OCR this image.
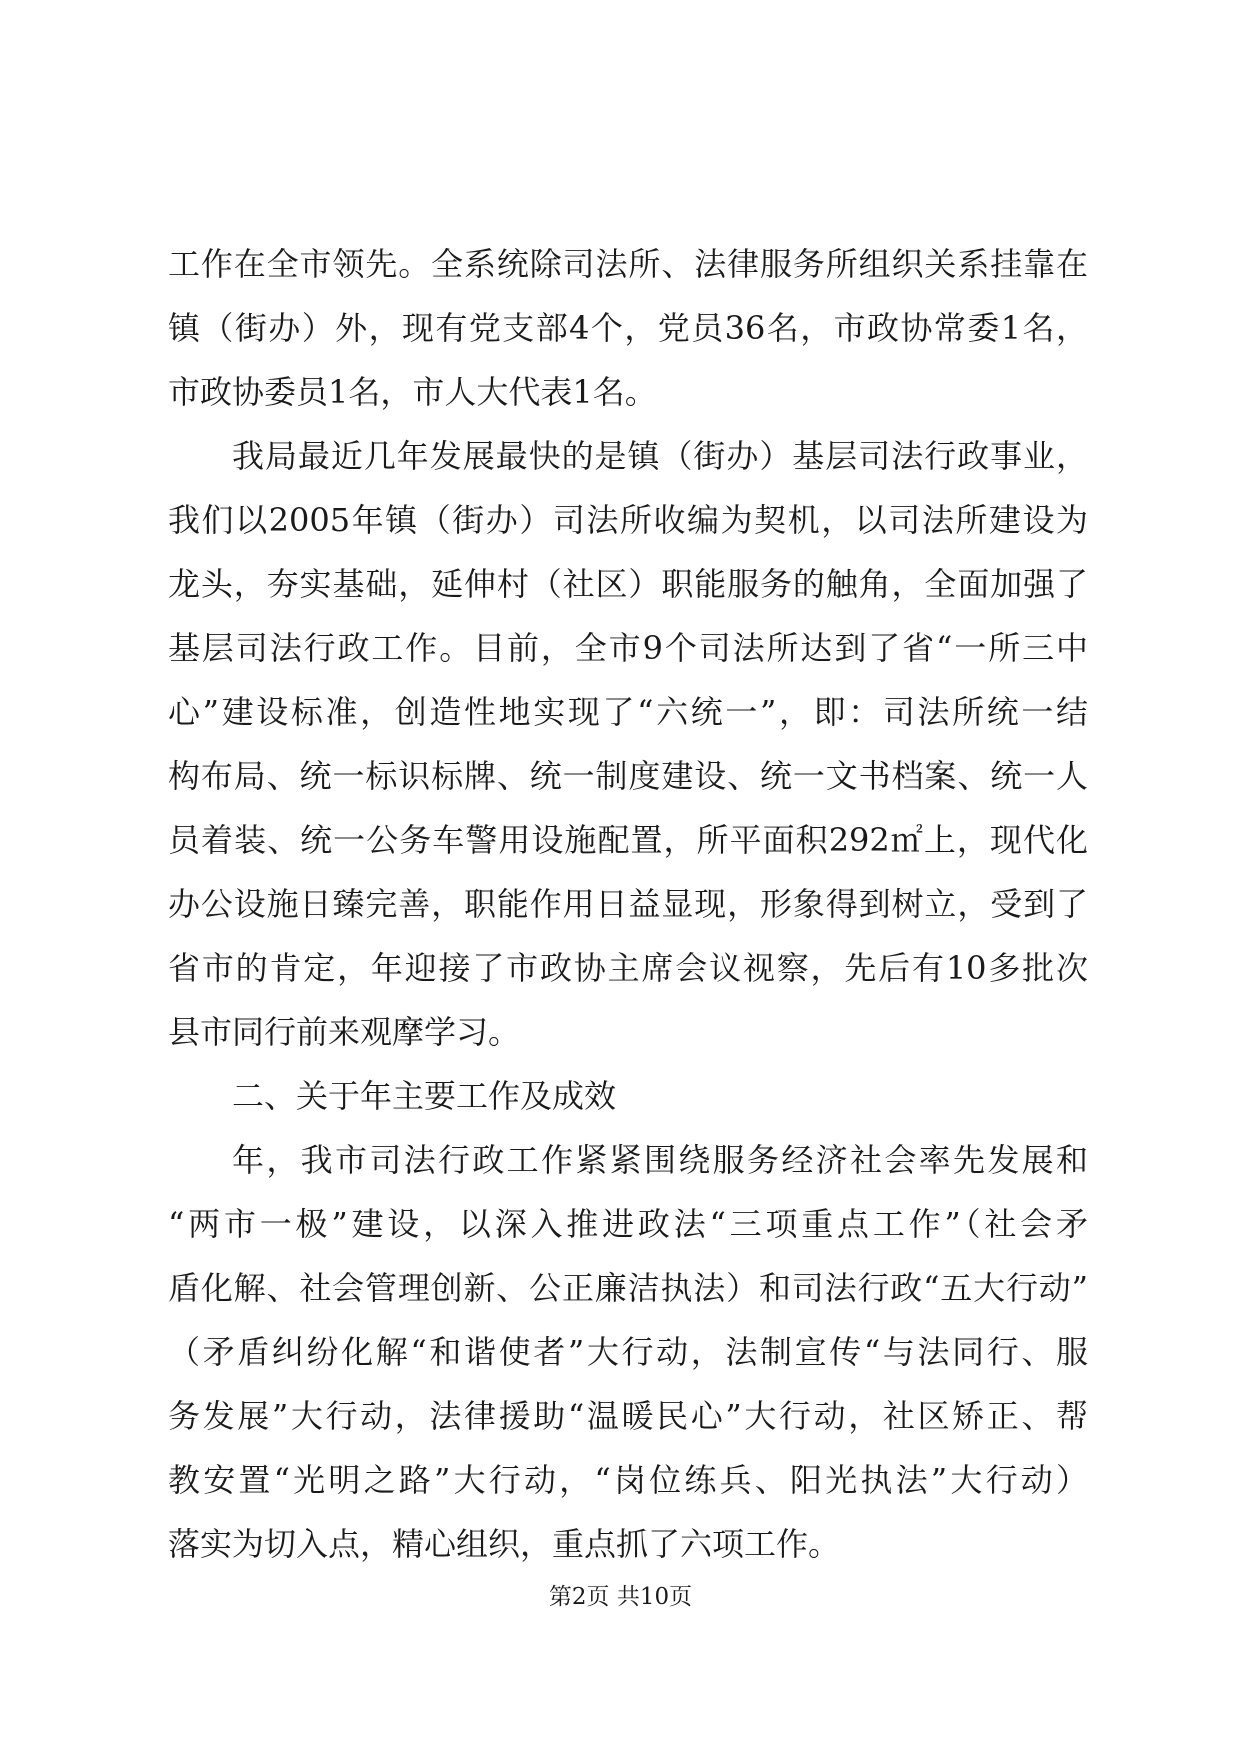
工作在全市领先。全系统除司法所、法律服务所组织关系挂靠在
镇（街办）外，现有党支部4个，党员36名，市政协常委1名，
市政协委员1名，市人大代表1名。
我局最近几年发展最快的是镇（街办）基层司法行政事业，
我们以2005年镇（街办）司法所收编为契机，以司法所建设为
龙头，夯实基础，延伸村（社区）职能服务的触角，全面加强了
基层司法行政工作。目前，全市9个司法所达到了省“一所三中
心”建设标准，创造性地实现了“六统一”，即：司法所统一结
构布局、统一标识标牌、统一制度建设、统一文书档案、统一人
员着装、统一公务车警用设施配置，所平面积292㎡上，现代化
办公设施日臻完善，职能作用日益显现，形象得到树立，受到了
省市的肯定，年迎接了市政协主席会议视察，先后有10多批次
县市同行前来观摩学习。
二、关于年主要工作及成效
年，我市司法行政工作紧紧围绕服务经济社会率先发展和
“两市一极”建设，以深入推进政法“三项重点工作”（社会矛
盾化解、社会管理创新、公正廉洁执法）和司法行政“五大行动”
（矛盾纠纷化解“和谐使者”大行动，法制宣传“与法同行、服
务发展”大行动，法律援助“温暖民心”大行动，社区矫正、帮
教安置“光明之路”大行动，“岗位练兵、阳光执法”大行动）
落实为切入点，精心组织，重点抓了六项工作。
第2页 共10页
